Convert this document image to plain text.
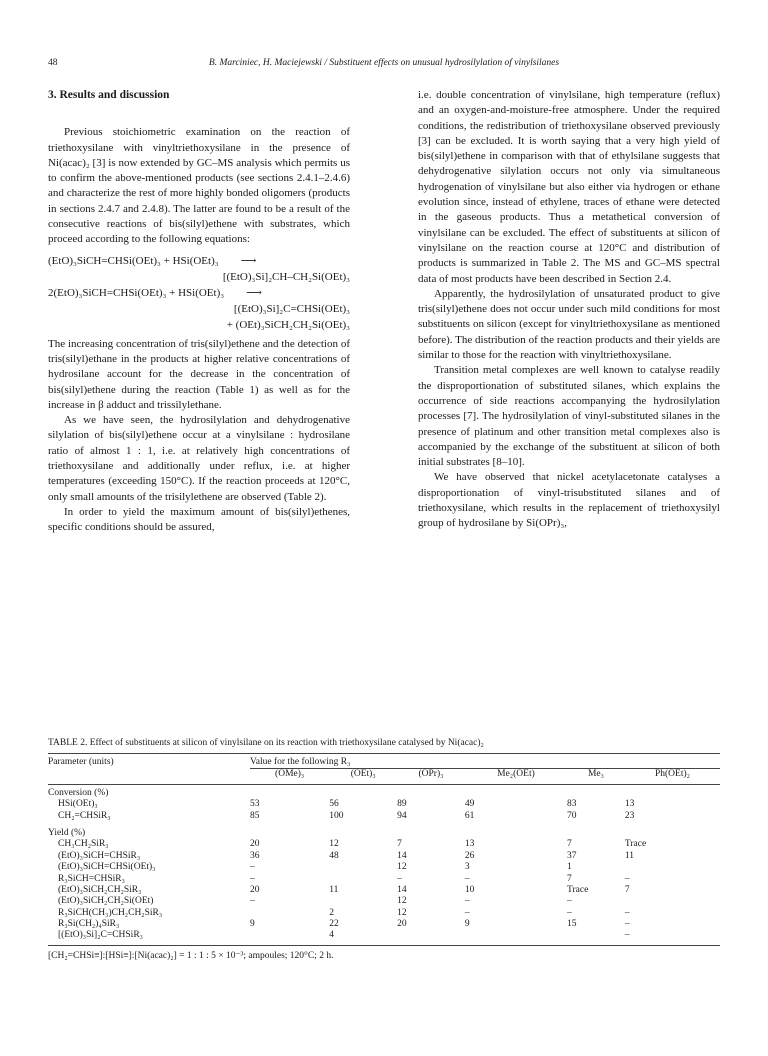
48	B. Marciniec, H. Maciejewski / Substituent effects on unusual hydrosilylation of vinylsilanes
3. Results and discussion

Previous stoichiometric examination on the reaction of triethoxysilane with vinyltriethoxysilane in the presence of Ni(acac)₂ [3] is now extended by GC–MS analysis which permits us to confirm the above-mentioned products (see sections 2.4.1–2.4.6) and characterize the rest of more highly bonded oligomers (products in sections 2.4.7 and 2.4.8). The latter are found to be a result of the consecutive reactions of bis(silyl)ethene with substrates, which proceed according to the following equations:

(EtO)₃SiCH=CHSi(OEt)₃ + HSi(OEt)₃ ⟶
[(EtO)₃Si]₂CH–CH₂Si(OEt)₃
2(EtO)₃SiCH=CHSi(OEt)₃ + HSi(OEt)₃ ⟶
[(EtO)₃Si]₂C=CHSi(OEt)₃
+ (OEt)₃SiCH₂CH₂Si(OEt)₃

The increasing concentration of tris(silyl)ethene and the detection of tris(silyl)ethane in the products at higher relative concentrations of hydrosilane account for the decrease in the concentration of bis(silyl)ethene during the reaction (Table 1) as well as for the increase in β adduct and trissilylethane.

As we have seen, the hydrosilylation and dehydrogenative silylation of bis(silyl)ethene occur at a vinylsilane : hydrosilane ratio of almost 1 : 1, i.e. at relatively high concentrations of triethoxysilane and additionally under reflux, i.e. at higher temperatures (exceeding 150°C). If the reaction proceeds at 120°C, only small amounts of the trisilylethene are observed (Table 2).

In order to yield the maximum amount of bis(silyl)ethenes, specific conditions should be assured,

i.e. double concentration of vinylsilane, high temperature (reflux) and an oxygen-and-moisture-free atmosphere. Under the required conditions, the redistribution of triethoxysilane observed previously [3] can be excluded. It is worth saying that a very high yield of bis(silyl)ethene in comparison with that of ethylsilane suggests that dehydrogenative silylation occurs not only via simultaneous hydrogenation of vinylsilane but also either via hydrogen or ethane evolution since, instead of ethylene, traces of ethane were detected in the gaseous products. Thus a metathetical conversion of vinylsilane can be excluded. The effect of substituents at silicon of vinylsilane on the reaction course at 120°C and distribution of products is summarized in Table 2. The MS and GC–MS spectral data of most products have been described in Section 2.4.

Apparently, the hydrosilylation of unsaturated product to give tris(silyl)ethene does not occur under such mild conditions for most substituents on silicon (except for vinyltriethoxysilane as mentioned before). The distribution of the reaction products and their yields are similar to those for the reaction with vinyltriethoxysilane.

Transition metal complexes are well known to catalyse readily the disproportionation of substituted silanes, which explains the occurrence of side reactions accompanying the hydrosilylation processes [7]. The hydrosilylation of vinyl-substituted silanes in the presence of platinum and other transition metal complexes also is accompanied by the exchange of the substituent at silicon of both initial substrates [8–10].

We have observed that nickel acetylacetonate catalyses a disproportionation of vinyl-trisubstituted silanes and of triethoxysilane, which results in the replacement of triethoxysilyl group of hydrosilane by Si(OPr)₃,

TABLE 2. Effect of substituents at silicon of vinylsilane on its reaction with triethoxysilane catalysed by Ni(acac)₂
Parameter (units)	Value for the following R₃					
	(OMe)₃	(OEt)₃	(OPr)₃	Me₂(OEt)	Me₃	Ph(OEt)₂
Conversion (%)						
HSi(OEt)₃	53	56	89	49	83	13
CH₂=CHSiR₃	85	100	94	61	70	23
Yield (%)						
CH₃CH₂SiR₃	20	12	7	13	7	Trace
(EtO)₃SiCH=CHSiR₃	36	48	14	26	37	11
(EtO)₃SiCH=CHSi(OEt)₃	–		12	3	1	
R₃SiCH=CHSiR₃	–		–	–	7	–
(EtO)₃SiCH₂CH₂SiR₃	20	11	14	10	Trace	7
(EtO)₃SiCH₂CH₂Si(OEt)	–		12	–	–	
R₃SiCH(CH₃)CH₂CH₂SiR₃		2	12	–	–	–
R₃Si(CH₂)₄SiR₃	9	22	20	9	15	–
[(EtO)₃Si]₂C=CHSiR₃		4				–
[CH₂=CHSi≡]:[HSi≡]:[Ni(acac)₂] = 1 : 1 : 5 × 10⁻³; ampoules; 120°C; 2 h.
